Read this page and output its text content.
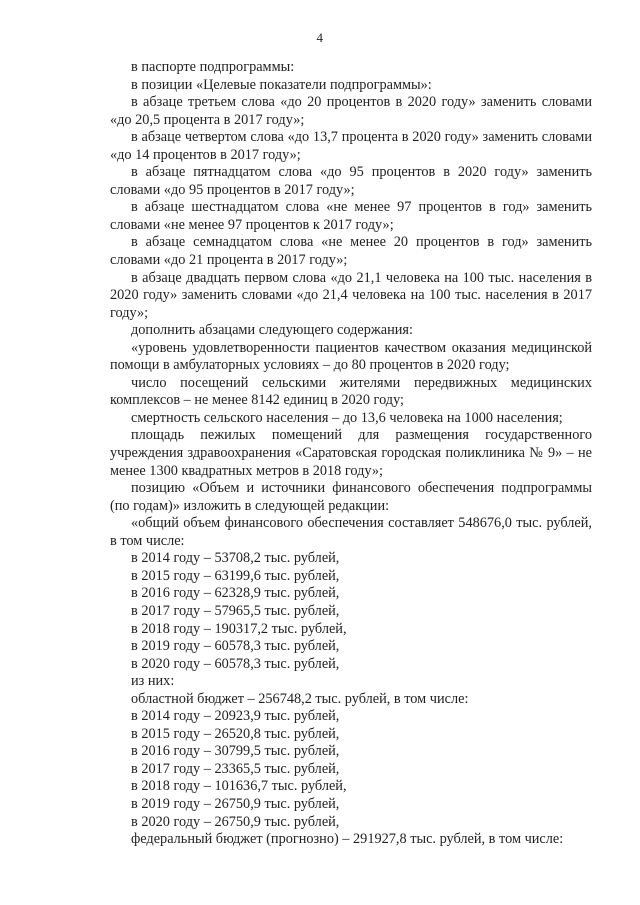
4

в паспорте подпрограммы:

в позиции «Целевые показатели подпрограммы»:

в абзаце третьем слова «до 20 процентов в 2020 году» заменить словами «до 20,5 процента в 2017 году»;

в абзаце четвертом слова «до 13,7 процента в 2020 году» заменить словами «до 14 процентов в 2017 году»;

в абзаце пятнадцатом слова «до 95 процентов в 2020 году» заменить словами «до 95 процентов в 2017 году»;

в абзаце шестнадцатом слова «не менее 97 процентов в год» заменить словами «не менее 97 процентов к 2017 году»;

в абзаце семнадцатом слова «не менее 20 процентов в год» заменить словами «до 21 процента в 2017 году»;

в абзаце двадцать первом слова «до 21,1 человека на 100 тыс. населения в 2020 году» заменить словами «до 21,4 человека на 100 тыс. населения в 2017 году»;

дополнить абзацами следующего содержания:

«уровень удовлетворенности пациентов качеством оказания медицинской помощи в амбулаторных условиях – до 80 процентов в 2020 году;

число посещений сельскими жителями передвижных медицинских комплексов – не менее 8142 единиц в 2020 году;

смертность сельского населения – до 13,6 человека на 1000 населения;

площадь пежилых помещений для размещения государственного учреждения здравоохранения «Саратовская городская поликлиника № 9» – не менее 1300 квадратных метров в 2018 году»;

позицию «Объем и источники финансового обеспечения подпрограммы (по годам)» изложить в следующей редакции:

«общий объем финансового обеспечения составляет 548676,0 тыс. рублей, в том числе:

в 2014 году – 53708,2 тыс. рублей,
в 2015 году – 63199,6 тыс. рублей,
в 2016 году – 62328,9 тыс. рублей,
в 2017 году – 57965,5 тыс. рублей,
в 2018 году – 190317,2 тыс. рублей,
в 2019 году – 60578,3 тыс. рублей,
в 2020 году – 60578,3 тыс. рублей,

из них:

областной бюджет – 256748,2 тыс. рублей, в том числе:

в 2014 году – 20923,9 тыс. рублей,
в 2015 году – 26520,8 тыс. рублей,
в 2016 году – 30799,5 тыс. рублей,
в 2017 году – 23365,5 тыс. рублей,
в 2018 году – 101636,7 тыс. рублей,
в 2019 году – 26750,9 тыс. рублей,
в 2020 году – 26750,9 тыс. рублей,

федеральный бюджет (прогнозно) – 291927,8 тыс. рублей, в том числе:
